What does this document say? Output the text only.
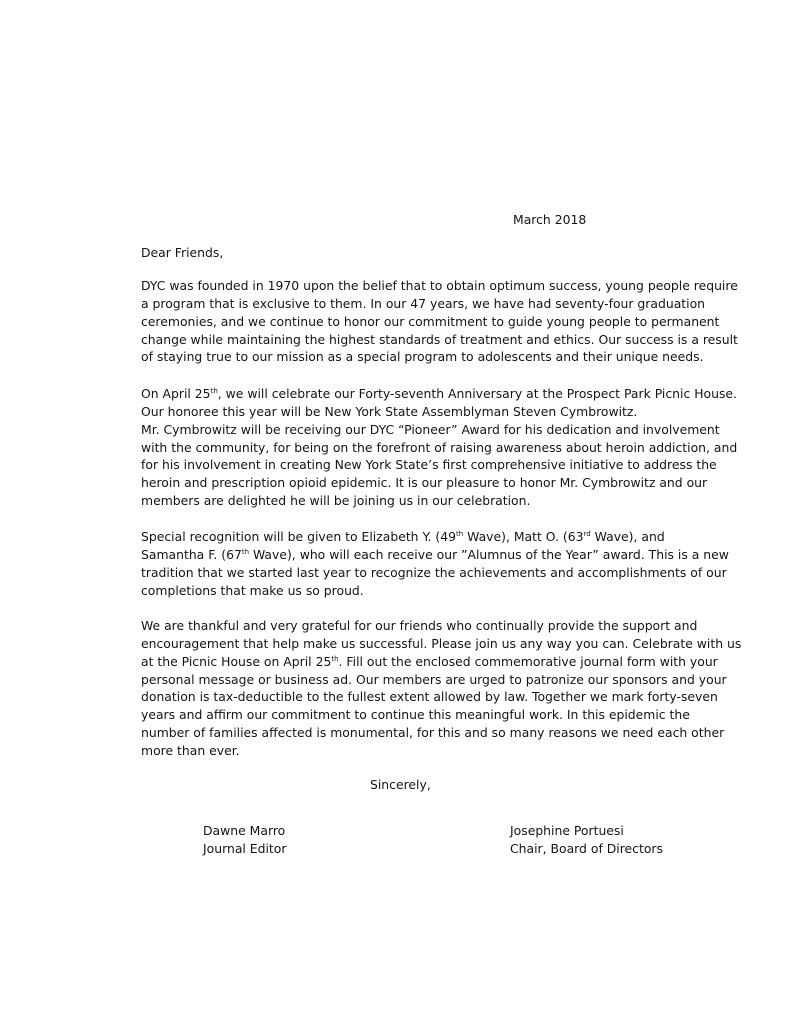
March 2018
Dear Friends,

DYC was founded in 1970 upon the belief that to obtain optimum success, young people require
a program that is exclusive to them. In our 47 years, we have had seventy-four graduation
ceremonies, and we continue to honor our commitment to guide young people to permanent
change while maintaining the highest standards of treatment and ethics. Our success is a result
of staying true to our mission as a special program to adolescents and their unique needs.

On April 25th, we will celebrate our Forty-seventh Anniversary at the Prospect Park Picnic House.
Our honoree this year will be New York State Assemblyman Steven Cymbrowitz.
Mr. Cymbrowitz will be receiving our DYC “Pioneer” Award for his dedication and involvement
with the community, for being on the forefront of raising awareness about heroin addiction, and
for his involvement in creating New York State’s first comprehensive initiative to address the
heroin and prescription opioid epidemic. It is our pleasure to honor Mr. Cymbrowitz and our
members are delighted he will be joining us in our celebration.

Special recognition will be given to Elizabeth Y. (49th Wave), Matt O. (63rd Wave), and
Samantha F. (67th Wave), who will each receive our ”Alumnus of the Year” award. This is a new
tradition that we started last year to recognize the achievements and accomplishments of our
completions that make us so proud.

We are thankful and very grateful for our friends who continually provide the support and
encouragement that help make us successful. Please join us any way you can. Celebrate with us
at the Picnic House on April 25th. Fill out the enclosed commemorative journal form with your
personal message or business ad. Our members are urged to patronize our sponsors and your
donation is tax-deductible to the fullest extent allowed by law. Together we mark forty-seven
years and affirm our commitment to continue this meaningful work. In this epidemic the
number of families affected is monumental, for this and so many reasons we need each other
more than ever.

Sincerely,
Dawne Marro
Journal Editor
Josephine Portuesi
Chair, Board of Directors
